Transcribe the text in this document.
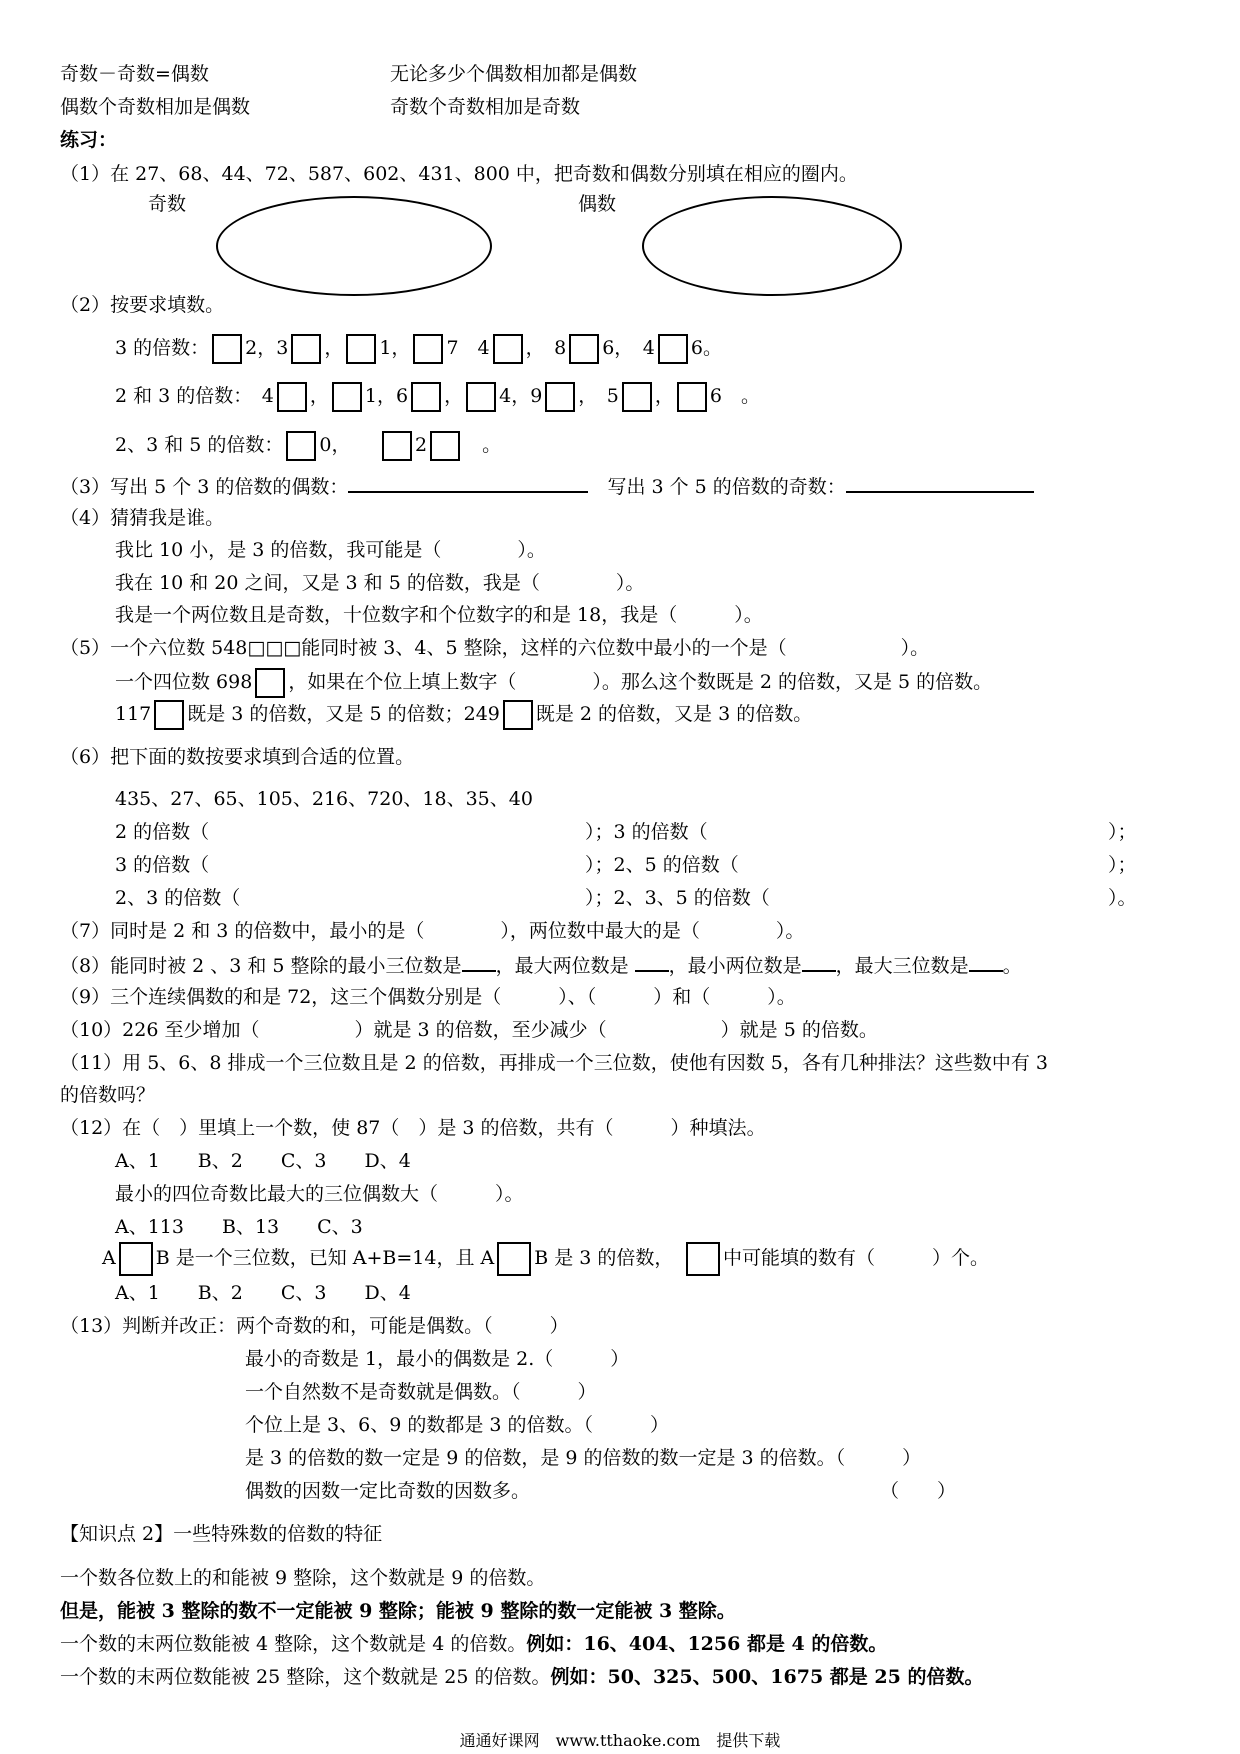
奇数－奇数=偶数	无论多少个偶数相加都是偶数
偶数个奇数相加是偶数	奇数个奇数相加是奇数
练习：
（1）在 27、68、44、72、587、602、431、800 中，把奇数和偶数分别填在相应的圈内。
奇数	偶数
（2）按要求填数。
3 的倍数： 2，3 ， 1， 7　4 ，　8 6，　4 6。
2 和 3 的倍数：　4 ， 1，6 ， 4，9 ，　5 ， 6　。
2、3 和 5 的倍数： 0，　　	2　	。
（3）写出 5 个 3 的倍数的偶数：　	写出 3 个 5 的倍数的奇数：
（4）猜猜我是谁。
我比 10 小，是 3 的倍数，我可能是（　　　　）。
我在 10 和 20 之间，又是 3 和 5 的倍数，我是（　　　　）。
我是一个两位数且是奇数，十位数字和个位数字的和是 18，我是（　　　）。
（5）一个六位数 548□□□能同时被 3、4、5 整除，这样的六位数中最小的一个是（　　　　　　）。
一个四位数 698 ，如果在个位上填上数字（　　　　）。那么这个数既是 2 的倍数，又是 5 的倍数。
117 既是 3 的倍数，又是 5 的倍数；249 既是 2 的倍数，又是 3 的倍数。
（6）把下面的数按要求填到合适的位置。
435、27、65、105、216、720、18、35、40
2 的倍数（	）；3 的倍数（	）；
3 的倍数（	）；2、5 的倍数（	）；
2、3 的倍数（	）；2、3、5 的倍数（	）。
（7）同时是 2 和 3 的倍数中，最小的是（　　　　），两位数中最大的是（　　　　）。
（8）能同时被 2 、3 和 5 整除的最小三位数是 ，最大两位数是 ，最小两位数是 ，最大三位数是 。
（9）三个连续偶数的和是 72，这三个偶数分别是（　　　）、（　　　）和（　　　）。
（10）226 至少增加（　　　　　）就是 3 的倍数，至少减少（　　　　　　）就是 5 的倍数。
（11）用 5、6、8 排成一个三位数且是 2 的倍数，再排成一个三位数，使他有因数 5，各有几种排法？这些数中有 3
的倍数吗？
（12）在（　）里填上一个数，使 87（　）是 3 的倍数，共有（　　　）种填法。
A、1　　B、2　　C、3　　D、4
最小的四位奇数比最大的三位偶数大（　　　）。
A、113　　B、13　　C、3
A B 是一个三位数，已知 A+B=14，且 A B 是 3 的倍数，　	中可能填的数有（　　　）个。
A、1　　B、2　　C、3　　D、4
（13）判断并改正：两个奇数的和，可能是偶数。（　　　）
最小的奇数是 1，最小的偶数是 2.（　　　）
一个自然数不是奇数就是偶数。（　　　）
个位上是 3、6、9 的数都是 3 的倍数。（　　　）
是 3 的倍数的数一定是 9 的倍数，是 9 的倍数的数一定是 3 的倍数。（　　　）
偶数的因数一定比奇数的因数多。	（　　）
【知识点 2】一些特殊数的倍数的特征
一个数各位数上的和能被 9 整除，这个数就是 9 的倍数。
但是，能被 3 整除的数不一定能被 9 整除；能被 9 整除的数一定能被 3 整除。
一个数的末两位数能被 4 整除，这个数就是 4 的倍数。例如：16、404、1256 都是 4 的倍数。
一个数的末两位数能被 25 整除，这个数就是 25 的倍数。例如：50、325、500、1675 都是 25 的倍数。
通通好课网　www.tthaoke.com　提供下载
